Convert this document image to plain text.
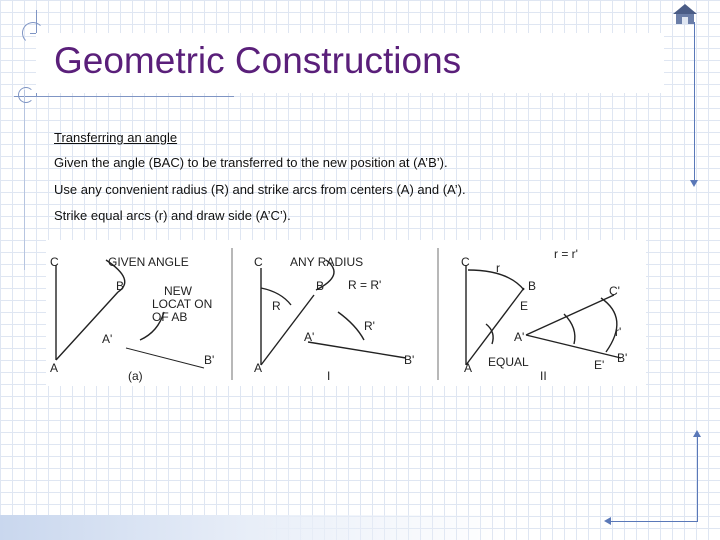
Geometric Constructions

Transferring an angle

Given the angle (BAC) to be transferred to the new position at (A’B’).

Use any convenient radius (R) and strike arcs from centers (A) and (A’).

Strike equal arcs (r) and draw side (A’C’).

C
B
A
A'
B'
GIVEN ANGLE
NEW
LOCAT ON
OF AB
(a)
C
B
A
A'
B'
R
R'
ANY RADIUS
R = R'
I
C r
B
E
A
A'
B'
C'
E'
r'
r = r'
EQUAL
II
